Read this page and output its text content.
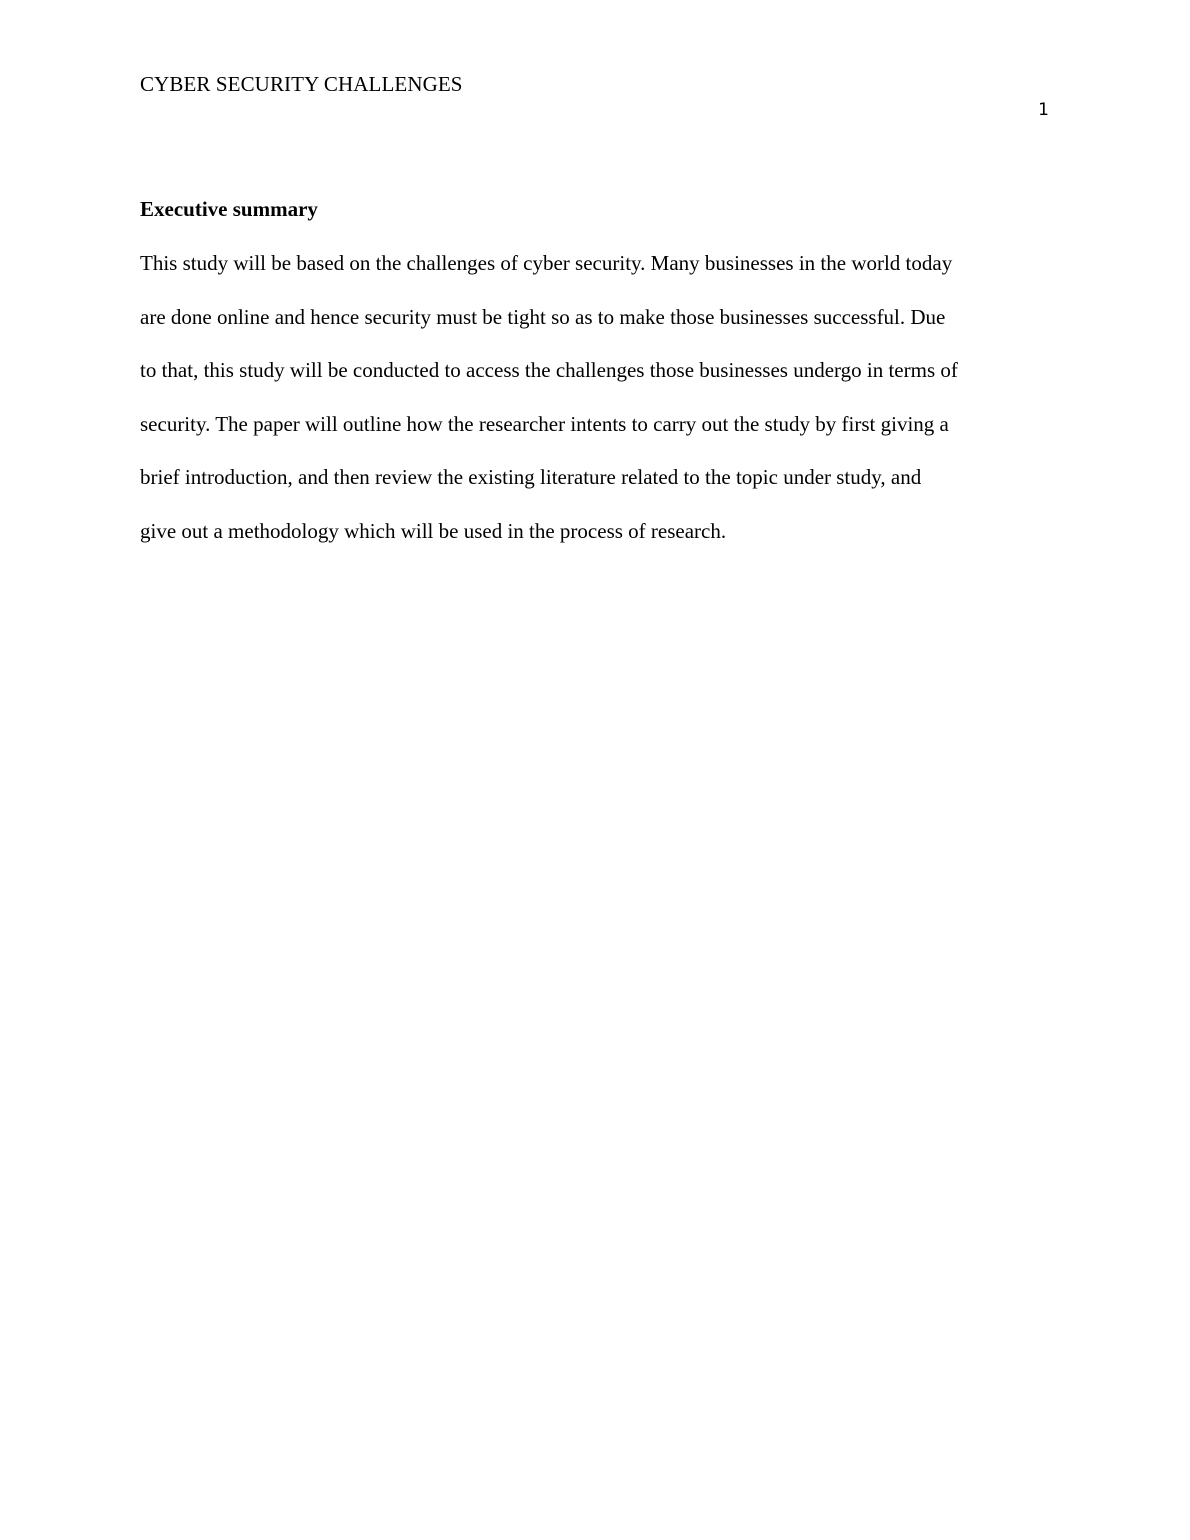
CYBER SECURITY CHALLENGES
1
Executive summary
This study will be based on the challenges of cyber security. Many businesses in the world today
are done online and hence security must be tight so as to make those businesses successful. Due
to that, this study will be conducted to access the challenges those businesses undergo in terms of
security. The paper will outline how the researcher intents to carry out the study by first giving a
brief introduction, and then review the existing literature related to the topic under study, and
give out a methodology which will be used in the process of research.
